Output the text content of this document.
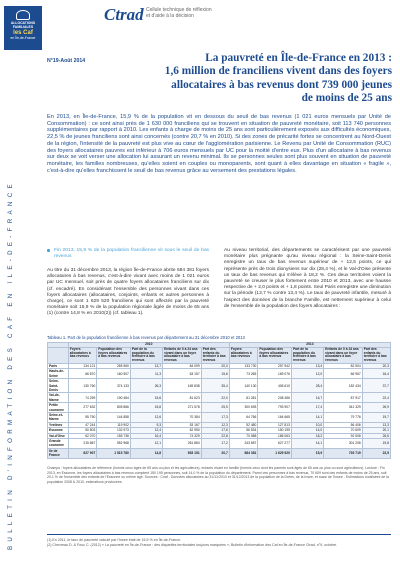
ALLOCATIONS FAMILIALES
les Caf
en Île-de-France
BULLETIN D'INFORMATION DES CAF EN ÎLE-DE-FRANCE
Ctrad Cellule technique de réflexion
et d'aide à la décision
N°19-Août 2014	La pauvreté en Île-de-France en 2013 :
1,6 million de franciliens vivent dans des foyers
allocataires à bas revenus dont 739 000 jeunes
de moins de 25 ans
En 2013, en Île-de-France, 15,9 % de la population vit en dessous du seuil de bas revenus (1 021 euros mensuels par Unité de Consommation) : ce sont ainsi près de 1 630 000 franciliens qui se trouvent en situation de pauvreté monétaire, soit 113 740 personnes supplémentaires par rapport à 2010. Les enfants à charge de moins de 25 ans sont particulièrement exposés aux difficultés économiques, 22,5 % de jeunes franciliens sont ainsi concernés (contre 20,7 % en 2010). Si des zones de précarité fortes se concentrent au Nord-Ouest de la région, l'intensité de la pauvreté est plus vive au cœur de l'agglomération parisienne. Le Revenu par Unité de Consommation (RUC) des foyers allocataires pauvres est inférieur à 706 euros mensuels par UC pour la moitié d'entre eux. Plus d'un allocataire à bas revenus sur deux se voit verser une allocation lui assurant un revenu minimal. Ils se personnes seules sont plus souvent en situation de pauvreté monétaire, les familles nombreuses, qu'elles soient en couples ou monoparents, sont quant à elles davantage en situation « fragile », c'est-à-dire qu'elles franchissent le seuil de bas revenus grâce au versement des prestations légales.
Fin 2013, 15,9 % de la population francilienne vit sous le seuil de bas revenus
Au titre du 31 décembre 2013, la région Île-de-France abrite 684 381 foyers allocataires à bas revenus, c'est-à-dire vivant avec moins de 1 021 euros par UC mensuel, soit près de quatre foyers allocataires franciliens sur dix (cf. encadré). En considérant l'ensemble des personnes vivant dans ces foyers allocataires (allocataires, conjoints, enfants et autres personnes à charge), ce sont 1 629 520 franciliens qui sont affectés par la pauvreté monétaire soit 15,9 % de la population régionale âgée de moins de 65 ans (1) (contre 14,8 % en 2010(2)) (cf. tableau 1).
Au niveau territorial, des départements se caractérisent par une pauvreté monétaire plus prégnante qu'au niveau régional : la Seine-Saint-Denis enregistre un taux de bas revenus supérieur de + 12,5 points, ce qui représente près de trois dionysiens sur dix (28,4 %), et le Val-d'Oise présente un taux de bas revenus qui s'élève à 18,2 %. Ces deux territoires voient la pauvreté se creuser le plus fortement entre 2010 et 2013, avec une hausse respective de + 2,0 points et + 1,8 points. Seul Paris enregistre une diminution sur la période (13,7 % contre 13,4 %). Le taux de pauvreté infantile, mesuré à l'aspect des données de la branche Famille, est nettement supérieur à celui de l'ensemble de la population des foyers allocataires :
Tableau 1. Part de la population francilienne à bas revenus par département au 31 décembre 2010 et 2013
	2010					2013				
	Foyers allocataires à bas revenus	Population des foyers allocataires à bas revenus	Part de la population du territoire à bas revenus	Enfants de 0 à 24 ans vivant dans un foyer allocataire à bas revenus	Part des enfants du territoire à bas revenus	Foyers allocataires à bas revenus	Population des foyers allocataires à bas revenus	Part de la population du territoire à bas revenus	Enfants de 0 à 24 ans vivant dans un foyer allocataire à bas revenus	Part des enfants du territoire à bas revenus
Paris	134 121	265 960	13,7	84 099	20,0	133 730	257 942	13,4	82 504	20,3
Hauts-de-Seine	66 870	160 507	11,3	63 157	15,6	73 265	169 076	12,0	66 967	16,4
Seine-Saint-Denis	130 760	374 133	26,3	169 838	35,4	140 130	405 610	28,4	182 434	37,7
Val-de-Marne	74 259	190 484	15,6	81 623	22,0	81 281	208 456	16,7	87 917	22,4
Petite couronne	277 632	805 866	15,8	271 578	25,5	300 693	793 907	17,4	341 329	26,9
Seine-et-Marne	55 750	144 858	12,6	70 384	17,3	64 756	164 665	14,1	79 776	19,7
Yvelines	47 244	119 902	9,3	53 167	12,3	52 480	127 813	10,0	56 406	13,3
Essonne	50 803	132 973	12,4	62 950	17,6	56 534	150 195	14,0	70 609	20,1
Val-d'Oise	62 070	155 738	16,4	74 329	22,8	70 088	186 063	18,2	92 508	26,6
Grande couronne	215 867	552 968	12,1	261 884	17,2	243 857	627 277	14,1	301 208	19,8
Ile de France	627 907	1 515 780	14,8	653 151	20,7	684 381	1 629 520	15,9	739 719	22,5
Champs : foyers allocataires de référence (hormis ceux âgés de 65 ans ou plus et les agriculteurs), enfants vivant en famille (hormis ceux dont les parents sont âgés de 65 ans ou plus ou sont agriculteurs). Lecture : Fin 2013, en Essonne, les foyers allocataires à bas revenus comptent 150 195 personnes, soit 14,0 % de la population du département. Parmi ces personnes à bas revenus, 70 609 sont des enfants de moins de 25 ans, soit 20,1 % de l'ensemble des enfants de l'Essonne ou même âge. Sources : Cnaf - Données allocataires au 31/12/2010 et 31/12/2013 de la population de la Drees, de la Insee, et aussi de l'Insee - Estimations localisées de la population 2008 & 2010, estimations provisoires.
(1) En 2011, le taux de pauvreté calculé par l'Insee était de 15,5 % en Île-de-France.
(2) Chevreau D. & Fouc C. (2012) « La pauvreté en Île-de-France : des disparités territoriales toujours marquées », Bulletin d'information des Caf en Île-de-France Ctrad, n°9, octobre.
